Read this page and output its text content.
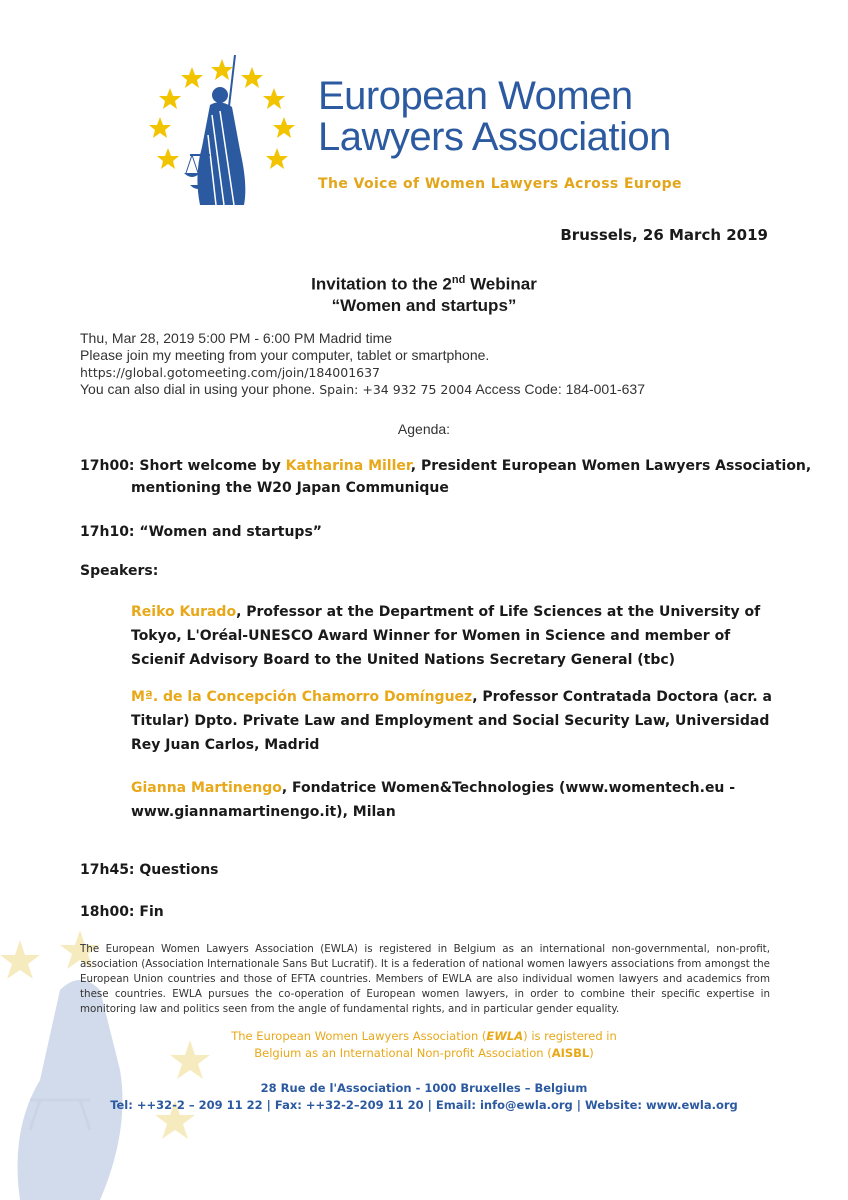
European Women
Lawyers Association
The Voice of Women Lawyers Across Europe
Brussels, 26 March 2019
Invitation to the 2nd Webinar
“Women and startups”
Thu, Mar 28, 2019 5:00 PM - 6:00 PM Madrid time
Please join my meeting from your computer, tablet or smartphone.
https://global.gotomeeting.com/join/184001637
You can also dial in using your phone. Spain: +34 932 75 2004 Access Code: 184-001-637
Agenda:
17h00: Short welcome by Katharina Miller, President European Women Lawyers Association,
mentioning the W20 Japan Communique
17h10: “Women and startups”
Speakers:
Reiko Kurado, Professor at the Department of Life Sciences at the University of Tokyo, L'Oréal-UNESCO Award Winner for Women in Science and member of Scienif Advisory Board to the United Nations Secretary General (tbc)
Mª. de la Concepción Chamorro Domínguez, Professor Contratada Doctora (acr. a Titular) Dpto. Private Law and Employment and Social Security Law, Universidad Rey Juan Carlos, Madrid
Gianna Martinengo, Fondatrice Women&Technologies (www.womentech.eu - www.giannamartinengo.it), Milan
17h45: Questions
18h00: Fin
The European Women Lawyers Association (EWLA) is registered in Belgium as an international non-governmental, non-profit, association (Association Internationale Sans But Lucratif). It is a federation of national women lawyers associations from amongst the European Union countries and those of EFTA countries. Members of EWLA are also individual women lawyers and academics from these countries. EWLA pursues the co-operation of European women lawyers, in order to combine their specific expertise in monitoring law and politics seen from the angle of fundamental rights, and in particular gender equality.
The European Women Lawyers Association (EWLA) is registered in
Belgium as an International Non-profit Association (AISBL)
28 Rue de l'Association - 1000 Bruxelles – Belgium
Tel: ++32-2 – 209 11 22 | Fax: ++32-2–209 11 20 | Email: info@ewla.org | Website: www.ewla.org
